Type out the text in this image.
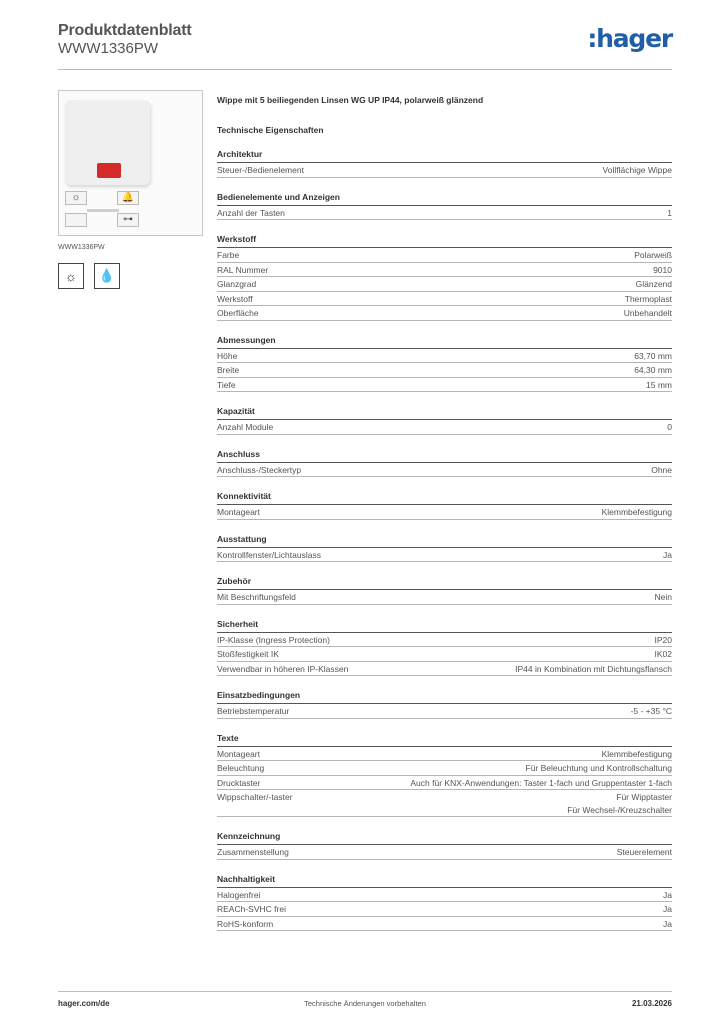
Produktdatenblatt
WWW1336PW	:hager
☼	🔔
⊶
WWW1336PW
☼	💧
Wippe mit 5 beiliegenden Linsen WG UP IP44, polarweiß glänzend
Technische Eigenschaften
Architektur
Steuer-/Bedienelement	Vollflächige Wippe
Bedienelemente und Anzeigen
Anzahl der Tasten	1
Werkstoff
Farbe	Polarweiß
RAL Nummer	9010
Glanzgrad	Glänzend
Werkstoff	Thermoplast
Oberfläche	Unbehandelt
Abmessungen
Höhe	63,70 mm
Breite	64,30 mm
Tiefe	15 mm
Kapazität
Anzahl Module	0
Anschluss
Anschluss-/Steckertyp	Ohne
Konnektivität
Montageart	Klemmbefestigung
Ausstattung
Kontrollfenster/Lichtauslass	Ja
Zubehör
Mit Beschriftungsfeld	Nein
Sicherheit
IP-Klasse (Ingress Protection)	IP20
Stoßfestigkeit IK	IK02
Verwendbar in höheren IP-Klassen	IP44 in Kombination mit Dichtungsflansch
Einsatzbedingungen
Betriebstemperatur	-5 - +35 °C
Texte
Montageart	Klemmbefestigung
Beleuchtung	Für Beleuchtung und Kontrollschaltung
Drucktaster	Auch für KNX-Anwendungen: Taster 1-fach und Gruppentaster 1-fach
Wippschalter/-taster	Für Wipptaster
Für Wechsel-/Kreuzschalter
Kennzeichnung
Zusammenstellung	Steuerelement
Nachhaltigkeit
Halogenfrei	Ja
REACh-SVHC frei	Ja
RoHS-konform	Ja
hager.com/de	Technische Änderungen vorbehalten	21.03.2026
